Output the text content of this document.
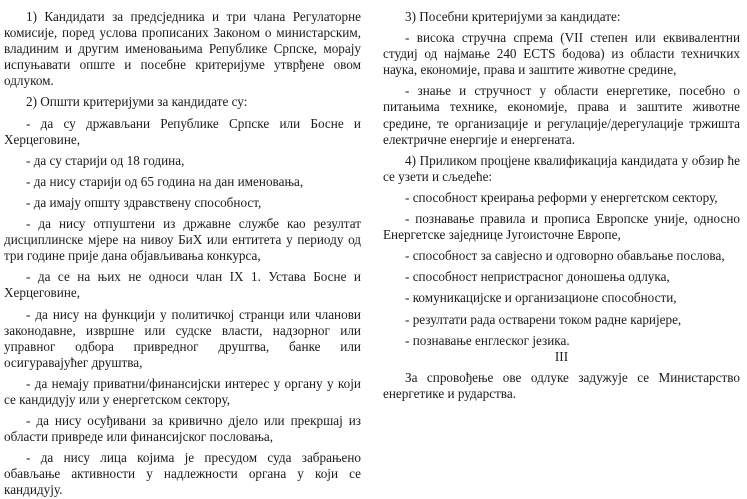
1) Кандидати за предсједника и три члана Регулаторне комисије, поред услова прописаних Законом о министарским, владиним и другим именовањима Републике Српске, морају испуњавати опште и посебне критеријуме утврђене овом одлуком.

2) Општи критеријуми за кандидате су:

- да су држављани Републике Српске или Босне и Херцеговине,

- да су старији од 18 година,

- да нису старији од 65 година на дан именовања,

- да имају општу здравствену способност,

- да нису отпуштени из државне службе као резултат дисциплинске мјере на нивоу БиХ или ентитета у периоду од три године прије дана објављивања конкурса,

- да се на њих не односи члан IX 1. Устава Босне и Херцеговине,

- да нису на функцији у политичкој странци или чланови законодавне, извршне или судске власти, надзорног или управног одбора привредног друштва, банке или осигуравајућег друштва,

- да немају приватни/финансијски интерес у органу у који се кандидују или у енергетском сектору,

- да нису осуђивани за кривично дјело или прекршај из области привреде или финансијског пословања,

- да нису лица којима је пресудом суда забрањено обављање активности у надлежности органа у који се кандидују.

3) Посебни критеријуми за кандидате:

- висока стручна спрема (VII степен или еквивалентни студиј од најмање 240 ECTS бодова) из области техничких наука, економије, права и заштите животне средине,

- знање и стручност у области енергетике, посебно о питањима технике, економије, права и заштите животне средине, те организације и регулације/дерегулације тржишта електричне енергије и енергената.

4) Приликом процјене квалификација кандидата у обзир ће се узети и сљедеће:

- способност креирања реформи у енергетском сектору,

- познавање правила и прописа Европске уније, односно Енергетске заједнице Југоисточне Европе,

- способност за савјесно и одговорно обављање послова,

- способност непристрасног доношења одлука,

- комуникацијске и организационе способности,

- резултати рада остварени током радне каријере,

- познавање енглеског језика.

III

За спровођење ове одлуке задужује се Министарство енергетике и рударства.
